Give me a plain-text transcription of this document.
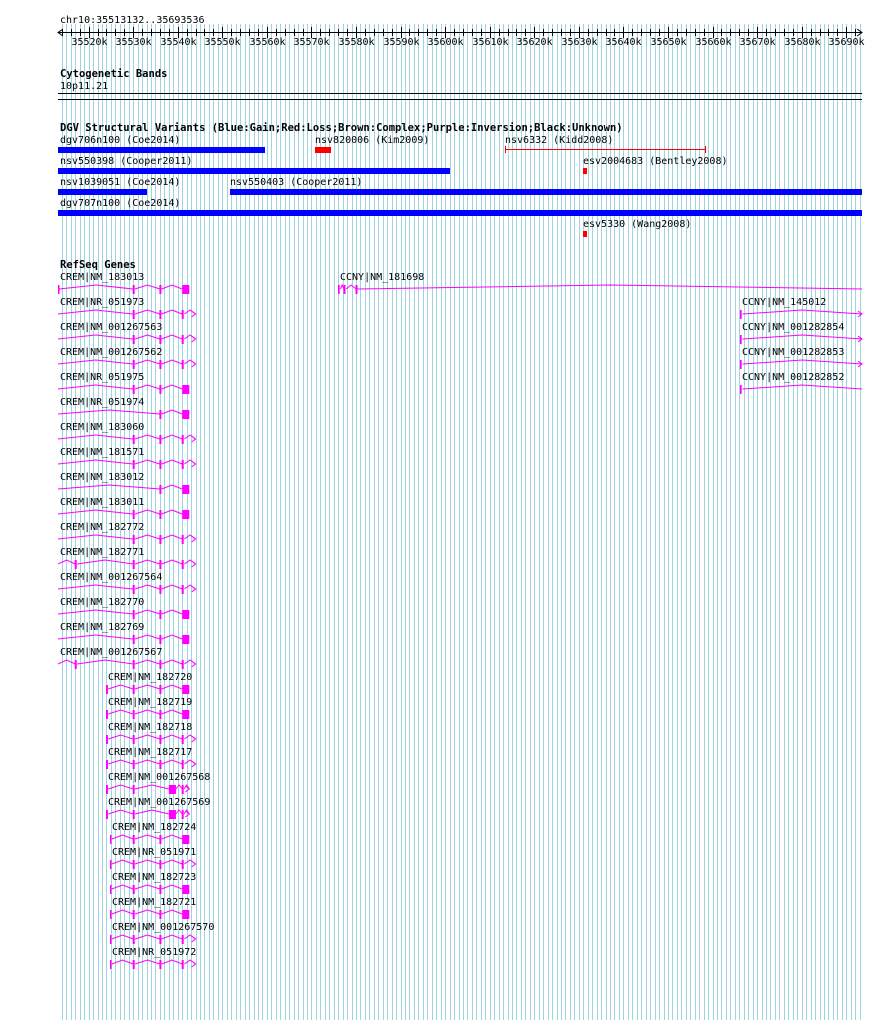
chr10:35513132..35693536
35520k 35530k 35540k 35550k 35560k 35570k 35580k 35590k 35600k 35610k 35620k 35630k 35640k 35650k 35660k 35670k 35680k 35690k
Cytogenetic Bands
10p11.21
DGV Structural Variants (Blue:Gain;Red:Loss;Brown:Complex;Purple:Inversion;Black:Unknown)
dgv706n100 (Coe2014)	nsv820006 (Kim2009)	nsv6332 (Kidd2008)
nsv550398 (Cooper2011)	esv2004683 (Bentley2008)
nsv1039051 (Coe2014)	nsv550403 (Cooper2011)
dgv707n100 (Coe2014)
esv5330 (Wang2008)
RefSeq Genes
CREM|NM_183013	CCNY|NM_181698
CREM|NR_051973	CCNY|NM_145012
CREM|NM_001267563	CCNY|NM_001282854
CREM|NM_001267562	CCNY|NM_001282853
CREM|NR_051975	CCNY|NM_001282852
CREM|NR_051974
CREM|NM_183060
CREM|NM_181571
CREM|NM_183012
CREM|NM_183011
CREM|NM_182772
CREM|NM_182771
CREM|NM_001267564
CREM|NM_182770
CREM|NM_182769
CREM|NM_001267567
CREM|NM_182720
CREM|NM_182719
CREM|NM_182718
CREM|NM_182717
CREM|NM_001267568
CREM|NM_001267569
CREM|NM_182724
CREM|NR_051971
CREM|NM_182723
CREM|NM_182721
CREM|NM_001267570
CREM|NR_051972
